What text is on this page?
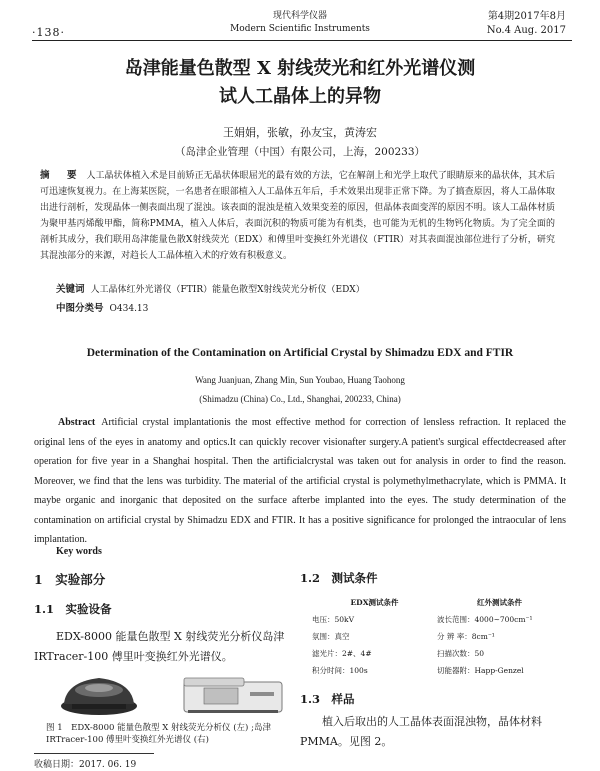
·138·
现代科学仪器
Modern Scientific Instruments
第4期2017年8月
No.4 Aug. 2017
岛津能量色散型 X 射线荧光和红外光谱仪测
试人工晶体上的异物
王娟娟，张敏，孙友宝，黄涛宏
（岛津企业管理（中国）有限公司，上海，200233）
摘　要 人工晶状体植入术是目前矫正无晶状体眼屈光的最有效的方法，它在解剖上和光学上取代了眼睛原来的晶状体，其术后可迅速恢复视力。在上海某医院，一名患者在眼部植入人工晶体五年后，手术效果出现非正常下降。为了搞查原因，将人工晶体取出进行剖析，发现晶体一侧表面出现了混浊。该表面的混浊是植入效果变差的原因，但晶体表面变浑的原因不明。该人工晶体材质为聚甲基丙烯酸甲酯，简称PMMA，植入人体后，表面沉积的物质可能为有机类，也可能为无机的生物钙化物质。为了完全面的剖析其成分，我们联用岛津能量色散X射线荧光（EDX）和傅里叶变换红外光谱仪（FTIR）对其表面混浊部位进行了分析，研究其混浊部分的来源，对趋长人工晶体植入术的疗效有积极意义。
关键词 人工晶体红外光谱仪（FTIR）能量色散型X射线荧光分析仪（EDX）
中图分类号 O434.13
Determination of the Contamination on Artificial Crystal by Shimadzu EDX and FTIR
Wang Juanjuan, Zhang Min, Sun Youbao, Huang Taohong
(Shimadzu (China) Co., Ltd., Shanghai, 200233, China)
Abstract Artificial crystal implantationis the most effective method for correction of lensless refraction. It replaced the original lens of the eyes in anatomy and optics.It can quickly recover visionafter surgery.A patient's surgical effectdecreased after operation for five year in a Shanghai hospital. Then the artificialcrystal was taken out for analysis in order to find the reason. Moreover, we find that the lens was turbidity. The material of the artificial crystal is polymethylmethacrylate, which is PMMA. It maybe organic and inorganic that deposited on the surface afterbe implanted into the eyes. The study determination of the contamination on artificial crystal by Shimadzu EDX and FTIR. It has a positive significance for prolonged the intraocular of lens implantation.
Key words
1　实验部分
1.1　实验设备
EDX-8000 能量色散型 X 射线荧光分析仪岛津IRTracer-100 傅里叶变换红外光谱仪。
图 1　EDX-8000 能量色散型 X 射线荧光分析仪 (左) ;岛津 IRTracer-100 傅里叶变换红外光谱仪 (右)
1.2　测试条件
EDX测试条件	红外测试条件
电压：50kV	波长范围：4000~700cm⁻¹
氛围：真空	分 辨 率：8cm⁻¹
滤光片：2#、4#	扫描次数：50
积分时间：100s	切能器附：Happ-Genzel
1.3　样品
植入后取出的人工晶体表面混浊物，晶体材料PMMA。见图 2。
收稿日期：2017. 06. 19
